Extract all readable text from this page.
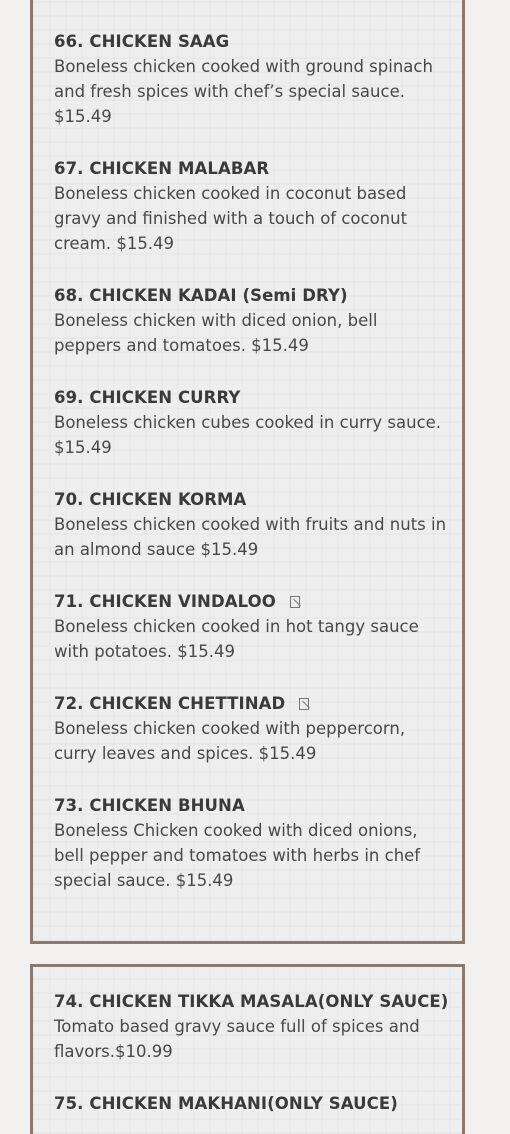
66. CHICKEN SAAG
Boneless chicken cooked with ground spinach and fresh spices with chef’s special sauce. $15.49
67. CHICKEN MALABAR
Boneless chicken cooked in coconut based gravy and finished with a touch of coconut cream. $15.49
68. CHICKEN KADAI (Semi DRY)
Boneless chicken with diced onion, bell peppers and tomatoes. $15.49
69. CHICKEN CURRY
Boneless chicken cubes cooked in curry sauce. $15.49
70. CHICKEN KORMA
Boneless chicken cooked with fruits and nuts in an almond sauce $15.49
71. CHICKEN VINDALOO
Boneless chicken cooked in hot tangy sauce with potatoes. $15.49
72. CHICKEN CHETTINAD
Boneless chicken cooked with peppercorn, curry leaves and spices. $15.49
73. CHICKEN BHUNA
Boneless Chicken cooked with diced onions, bell pepper and tomatoes with herbs in chef special sauce. $15.49
74. CHICKEN TIKKA MASALA(ONLY SAUCE)
Tomato based gravy sauce full of spices and flavors.$10.99
75. CHICKEN MAKHANI(ONLY SAUCE)
